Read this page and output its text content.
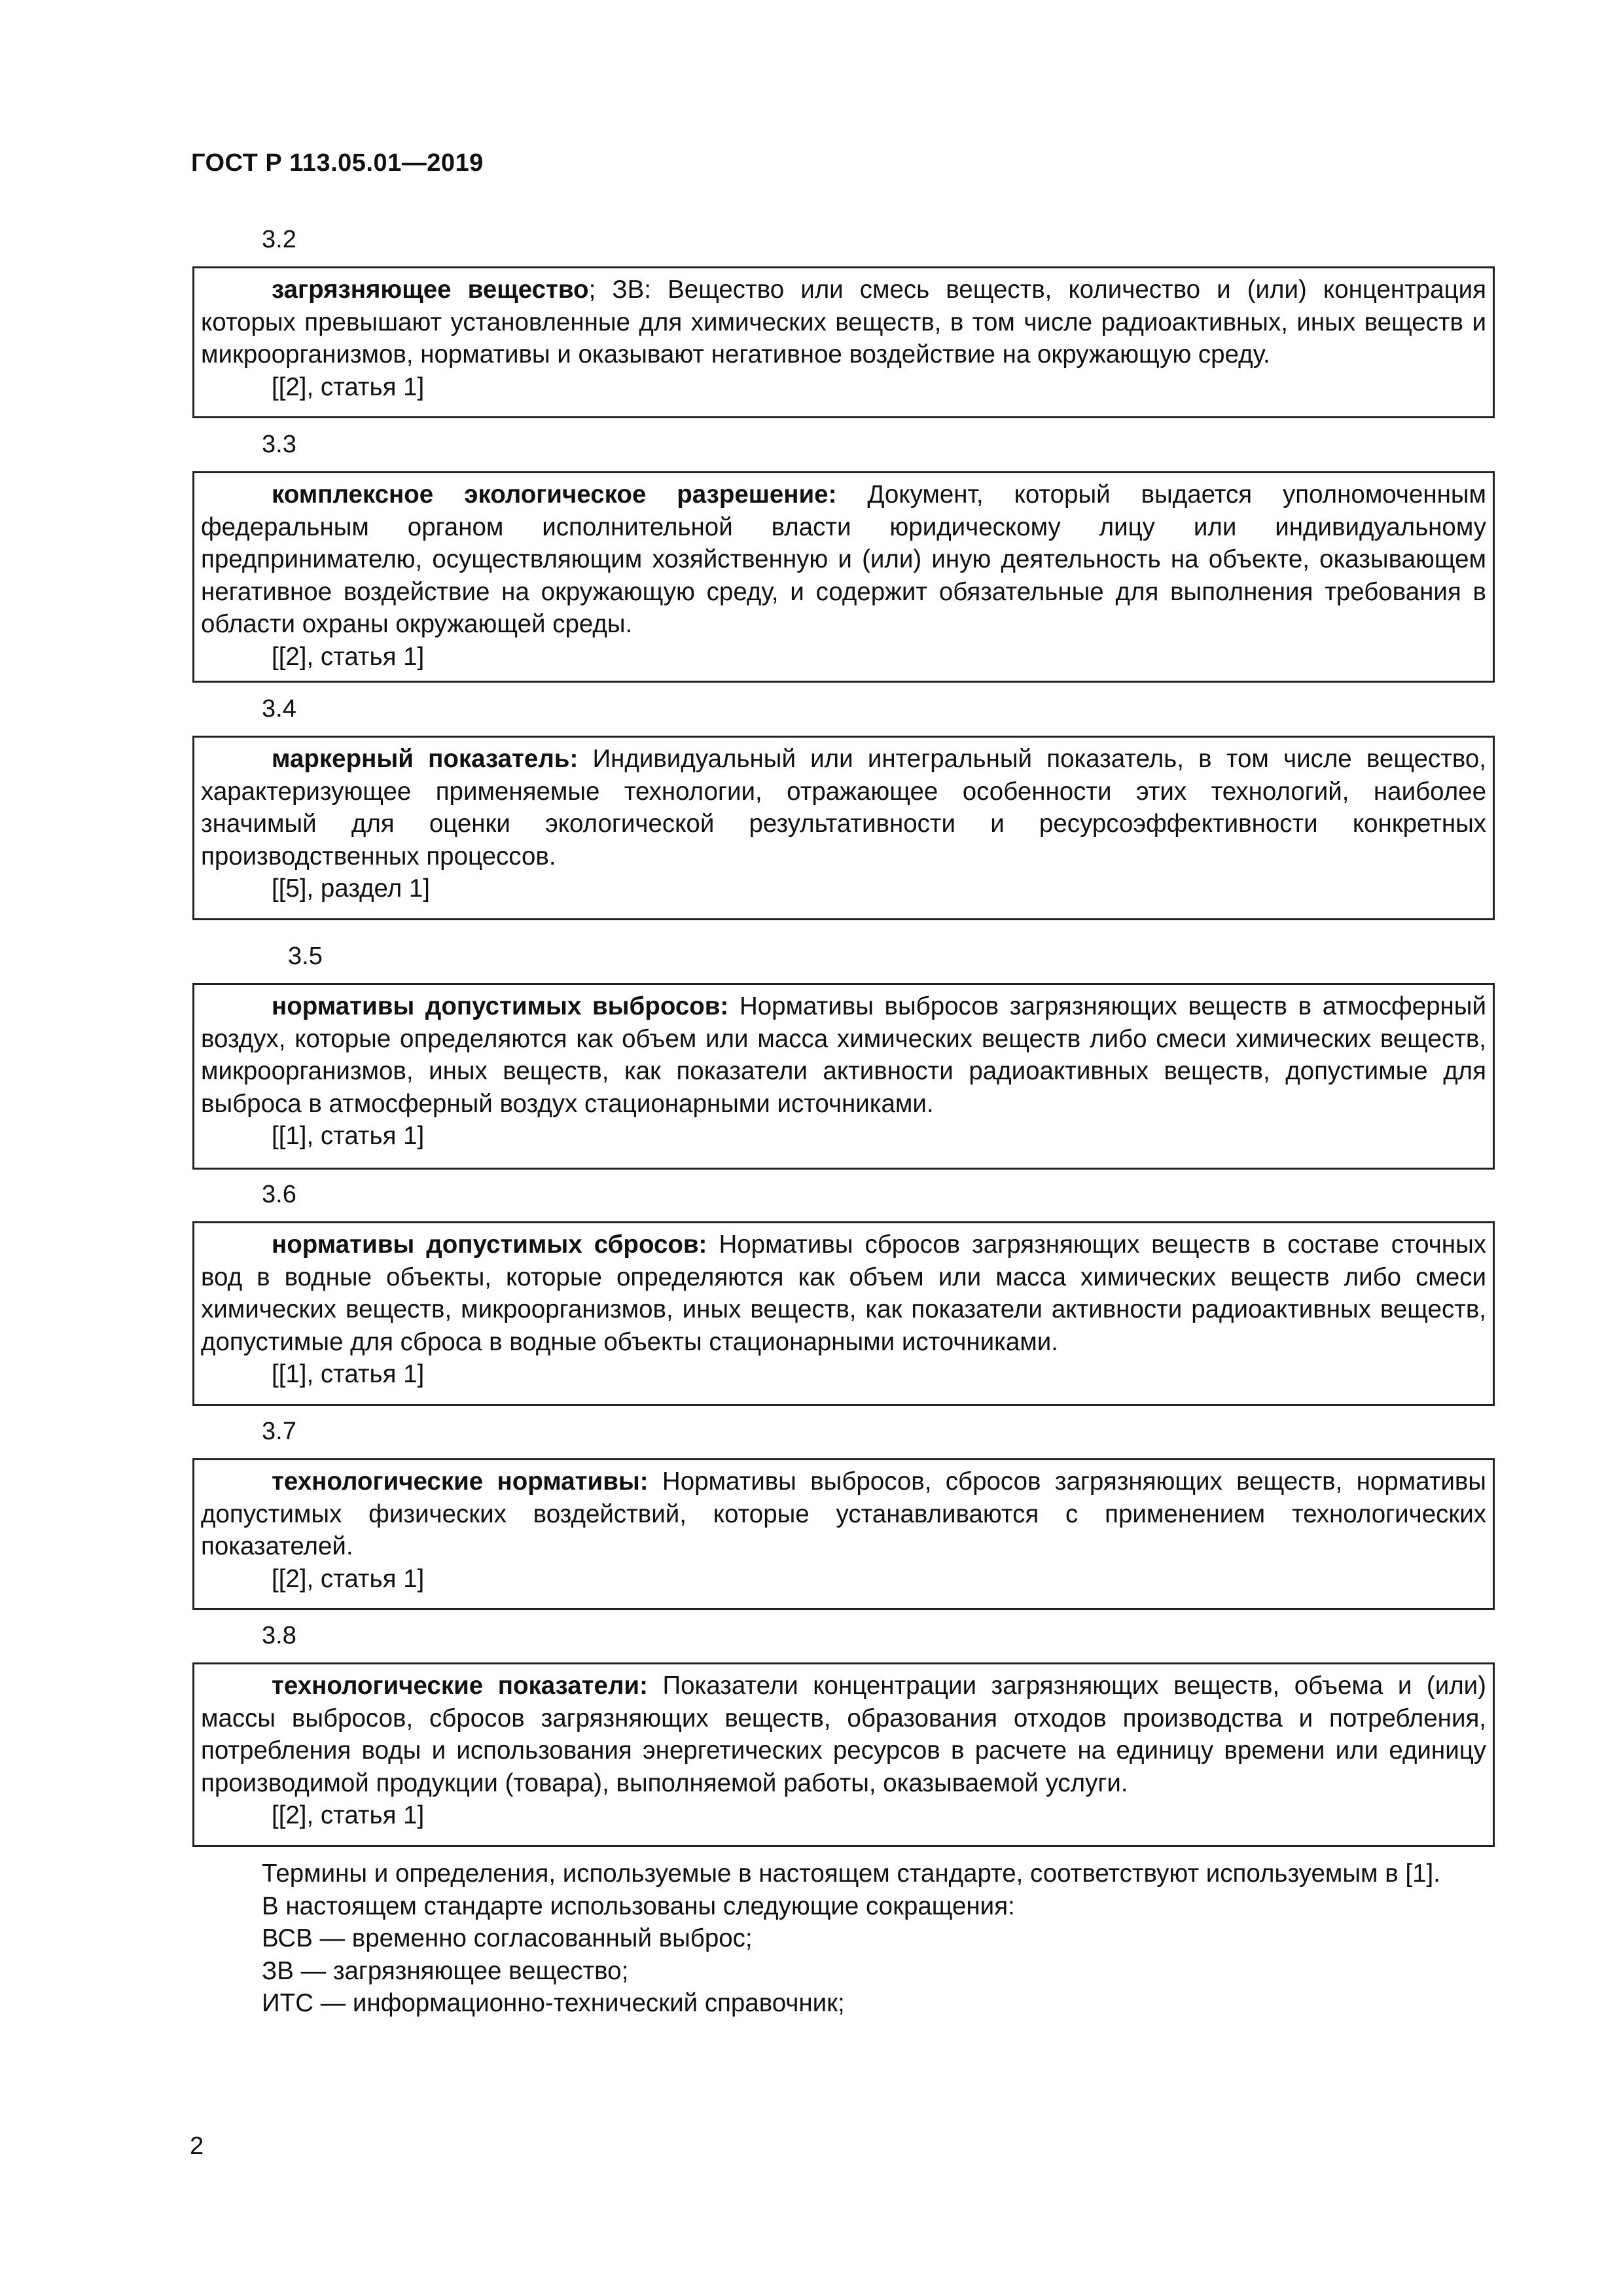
ГОСТ Р 113.05.01—2019
3.2
загрязняющее вещество; ЗВ: Вещество или смесь веществ, количество и (или) концентрация которых превышают установленные для химических веществ, в том числе радиоактивных, иных веществ и микроорганизмов, нормативы и оказывают негативное воздействие на окружающую среду.
[[2], статья 1]
3.3
комплексное экологическое разрешение: Документ, который выдается уполномоченным федеральным органом исполнительной власти юридическому лицу или индивидуальному предпринимателю, осуществляющим хозяйственную и (или) иную деятельность на объекте, оказывающем негативное воздействие на окружающую среду, и содержит обязательные для выполнения требования в области охраны окружающей среды.
[[2], статья 1]
3.4
маркерный показатель: Индивидуальный или интегральный показатель, в том числе вещество, характеризующее применяемые технологии, отражающее особенности этих технологий, наиболее значимый для оценки экологической результативности и ресурсоэффективности конкретных производственных процессов.
[[5], раздел 1]
3.5
нормативы допустимых выбросов: Нормативы выбросов загрязняющих веществ в атмосферный воздух, которые определяются как объем или масса химических веществ либо смеси химических веществ, микроорганизмов, иных веществ, как показатели активности радиоактивных веществ, допустимые для выброса в атмосферный воздух стационарными источниками.
[[1], статья 1]
3.6
нормативы допустимых сбросов: Нормативы сбросов загрязняющих веществ в составе сточных вод в водные объекты, которые определяются как объем или масса химических веществ либо смеси химических веществ, микроорганизмов, иных веществ, как показатели активности радиоактивных веществ, допустимые для сброса в водные объекты стационарными источниками.
[[1], статья 1]
3.7
технологические нормативы: Нормативы выбросов, сбросов загрязняющих веществ, нормативы допустимых физических воздействий, которые устанавливаются с применением технологических показателей.
[[2], статья 1]
3.8
технологические показатели: Показатели концентрации загрязняющих веществ, объема и (или) массы выбросов, сбросов загрязняющих веществ, образования отходов производства и потребления, потребления воды и использования энергетических ресурсов в расчете на единицу времени или единицу производимой продукции (товара), выполняемой работы, оказываемой услуги.
[[2], статья 1]
Термины и определения, используемые в настоящем стандарте, соответствуют используемым в [1].
В настоящем стандарте использованы следующие сокращения:
ВСВ — временно согласованный выброс;
ЗВ — загрязняющее вещество;
ИТС — информационно-технический справочник;
2
